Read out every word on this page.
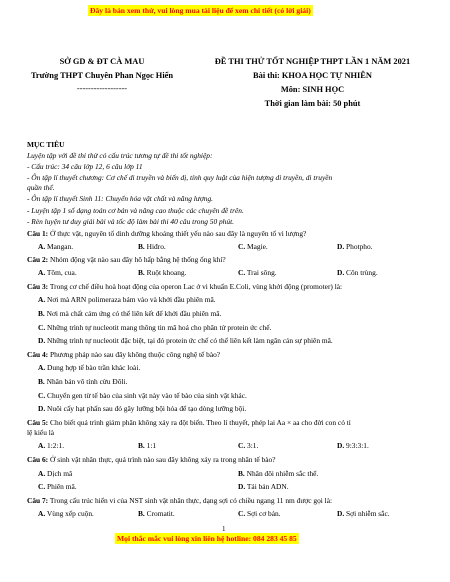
Đây là bản xem thử, vui lòng mua tài liệu để xem chi tiết (có lời giải)
SỞ GD & ĐT CÀ MAU
Trường THPT Chuyên Phan Ngọc Hiển
------------------
ĐỀ THI THỬ TỐT NGHIỆP THPT LẦN 1 NĂM 2021
Bài thi: KHOA HỌC TỰ NHIÊN
Môn: SINH HỌC
Thời gian làm bài: 50 phút
MỤC TIÊU
Luyện tập với đề thi thử có cấu trúc tương tự đề thi tốt nghiệp:
- Cấu trúc: 34 câu lớp 12, 6 câu lớp 11
- Ôn tập lí thuyết chương: Cơ chế di truyền và biến dị, tính quy luật của hiện tượng di truyền, di truyền
quần thể.
- Ôn tập lí thuyết Sinh 11: Chuyển hóa vật chất và năng lượng.
- Luyện tập 1 số dạng toán cơ bản và nâng cao thuộc các chuyên đề trên.
- Rèn luyện tư duy giải bài và tốc độ làm bài thi 40 câu trong 50 phút.
Câu 1: Ở thực vật, nguyên tố dinh dưỡng khoáng thiết yếu nào sau đây là nguyên tố vi lượng?
A. Mangan.	B. Hiđro.	C. Magie.	D. Photpho.
Câu 2: Nhóm động vật nào sau đây hô hấp bằng hệ thống ống khí?
A. Tôm, cua.	B. Ruột khoang.	C. Trai sông.	D. Côn trùng.
Câu 3: Trong cơ chế điều hoà hoạt động của operon Lac ở vi khuẩn E.Coli, vùng khởi động (promoter) là:
A. Nơi mà ARN polimeraza bám vào và khởi đầu phiên mã.
B. Nơi mà chất cảm ứng có thể liên kết để khởi đầu phiên mã.
C. Những trình tự nucleotit mang thông tin mã hoá cho phân tử protein ức chế.
D. Những trình tự nucleotit đặc biệt, tại đó protein ức chế có thể liên kết làm ngăn cản sự phiên mã.
Câu 4: Phương pháp nào sau đây không thuộc công nghệ tế bào?
A. Dung hợp tế bào trần khác loài.
B. Nhân bản vô tính cừu Đôli.
C. Chuyển gen từ tế bào của sinh vật này vào tế bào của sinh vật khác.
D. Nuôi cấy hạt phấn sau đó gây lưỡng bội hóa để tạo dòng lưỡng bội.
Câu 5: Cho biết quá trình giảm phân không xảy ra đột biến. Theo lí thuyết, phép lai Aa × aa cho đời con có tỉ
lệ kiểu là
A. 1:2:1.	B. 1:1	C. 3:1.	D. 9:3:3:1.
Câu 6: Ở sinh vật nhân thực, quá trình nào sau đây không xảy ra trong nhân tế bào?
A. Dịch mã	B. Nhân đôi nhiễm sắc thể.
C. Phiên mã.	D. Tái bản ADN.
Câu 7: Trong cấu trúc hiển vi của NST sinh vật nhân thực, dạng sợi có chiều ngang 11 nm được gọi là:
A. Vùng xếp cuộn.	B. Cromatit.	C. Sợi cơ bản.	D. Sợi nhiễm sắc.
1
Mọi thắc mắc vui lòng xin liên hệ hotline: 084 283 45 85
